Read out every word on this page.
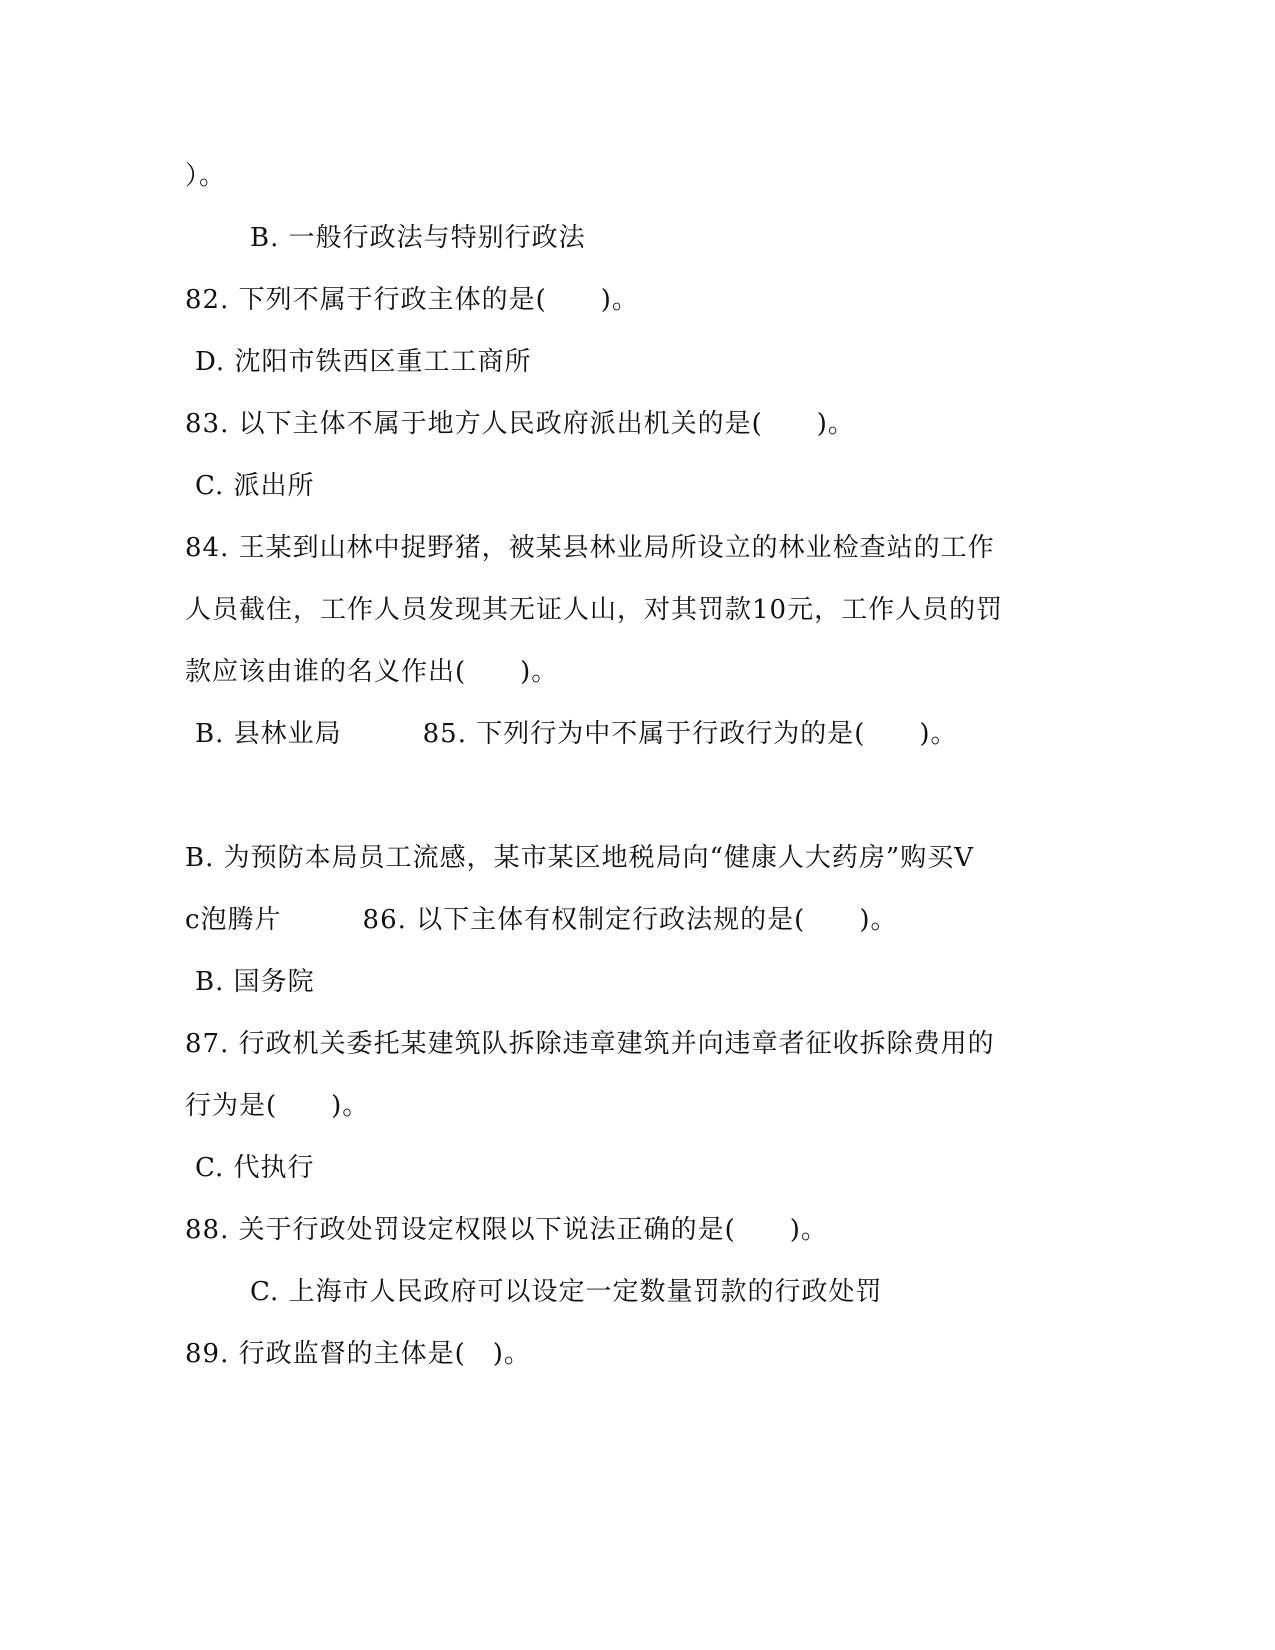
）。
B. 一般行政法与特别行政法
82. 下列不属于行政主体的是(　　)。
D. 沈阳市铁西区重工工商所
83. 以下主体不属于地方人民政府派出机关的是(　　)。
C. 派出所
84. 王某到山林中捉野猪，被某县林业局所设立的林业检查站的工作
人员截住，工作人员发现其无证人山，对其罚款10元，工作人员的罚
款应该由谁的名义作出(　　)。
B. 县林业局　　　85. 下列行为中不属于行政行为的是(　　)。
B. 为预防本局员工流感，某市某区地税局向“健康人大药房”购买V
c泡腾片　　　86. 以下主体有权制定行政法规的是(　　)。
B. 国务院
87. 行政机关委托某建筑队拆除违章建筑并向违章者征收拆除费用的
行为是(　　)。
C. 代执行
88. 关于行政处罚设定权限以下说法正确的是(　　)。
C. 上海市人民政府可以设定一定数量罚款的行政处罚
89. 行政监督的主体是(　)。
